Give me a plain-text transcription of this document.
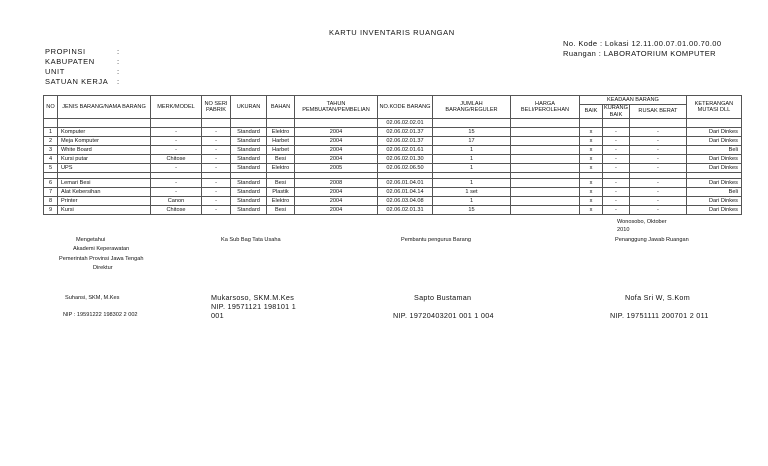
KARTU INVENTARIS RUANGAN
No. Kode : Lokasi 12.11.00.07.01.00.70.00
Ruangan : LABORATORIUM KOMPUTER
PROPINSI	:
KABUPATEN	:
UNIT	:
SATUAN KERJA :
NO	JENIS BARANG/NAMA BARANG	MERK/MODEL	NO SERI PABRIK	UKURAN	BAHAN	TAHUN PEMBUATAN/PEMBELIAN	NO.KODE BARANG	JUMLAH BARANG/REGULER	HARGA BELI/PEROLEHAN	KEADAAN BARANG			KETERANGAN MUTASI DLL
										BAIK	KURANG BAIK	RUSAK BERAT	
							02.06.02.02.01						
1	Komputer	-	-	Standard	Elektro	2004	02.06.02.01.37	15		x	-	-	Dari Dinkes
2	Meja Komputer	-	-	Standard	Harbet	2004	02.06.02.01.37	17		x	-	-	Dari Dinkes
3	White Board	-	-	Standard	Harbet	2004	02.06.02.01.61	1		x	-	-	Beli
4	Kursi putar	Chitose	-	Standard	Besi	2004	02.06.02.01.30	1		x	-	-	Dari Dinkes
5	UPS	-	-	Standard	Elektro	2005	02.06.02.06.50	1		x	-	-	Dari Dinkes

6	Lemari Besi	-	-	Standard	Besi	2008	02.06.01.04.01	1		x	-	-	Dari Dinkes
7	Alat Kebersihan	-	-	Standard	Plastik	2004	02.06.01.04.14	1 set		x	-	-	Beli
8	Printer	Canon	-	Standard	Elektro	2004	02.06.03.04.08	1		x	-	-	Dari Dinkes
9	Kursi	Chitose	-	Standard	Besi	2004	02.06.02.01.31	15		x	-	-	Dari Dinkes
Wonosobo, Oktober 2010
Mengetahui
Akademi Keperawatan
Pemerintah Provinsi Jawa Tengah
Direktur
Suhansi, SKM, M.Kes
NIP : 19591222 198302 2 002
Ka Sub Bag Tata Usaha
Mukarsoso, SKM.M.Kes
NIP. 19571121 198101 1 001
Pembantu pengurus Barang
Sapto Bustaman
NIP. 19720403201 001 1 004
Penanggung Jawab Ruangan
Nofa Sri W, S.Kom
NIP. 19751111 200701 2 011
